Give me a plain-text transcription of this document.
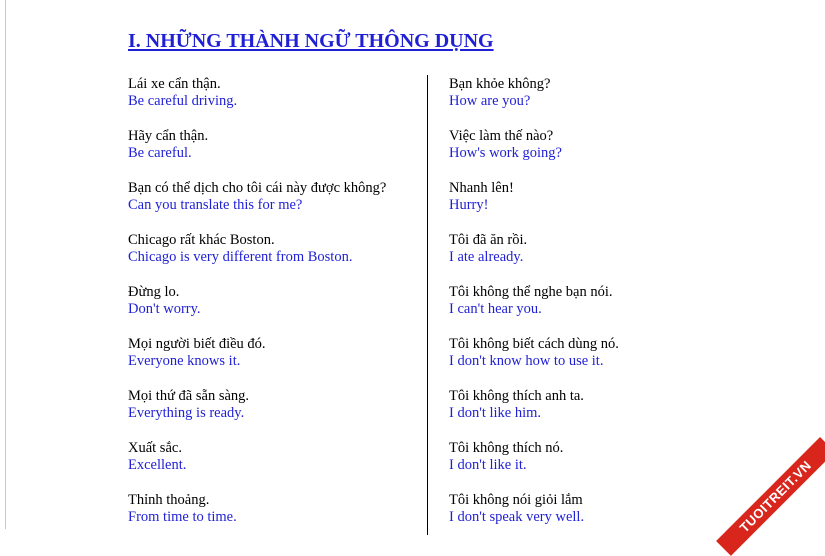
I. NHỮNG THÀNH NGỮ THÔNG DỤNG
Lái xe cẩn thận.
Be careful driving.
Hãy cẩn thận.
Be careful.
Bạn có thể dịch cho tôi cái này được không?
Can you translate this for me?
Chicago rất khác Boston.
Chicago is very different from Boston.
Đừng lo.
Don't worry.
Mọi người biết điều đó.
Everyone knows it.
Mọi thứ đã sẵn sàng.
Everything is ready.
Xuất sắc.
Excellent.
Thỉnh thoảng.
From time to time.
Bạn khỏe không?
How are you?
Việc làm thế nào?
How's work going?
Nhanh lên!
Hurry!
Tôi đã ăn rồi.
I ate already.
Tôi không thể nghe bạn nói.
I can't hear you.
Tôi không biết cách dùng nó.
I don't know how to use it.
Tôi không thích anh ta.
I don't like him.
Tôi không thích nó.
I don't like it.
Tôi không nói giỏi lắm
I don't speak very well.	TUOITREIT.VN
